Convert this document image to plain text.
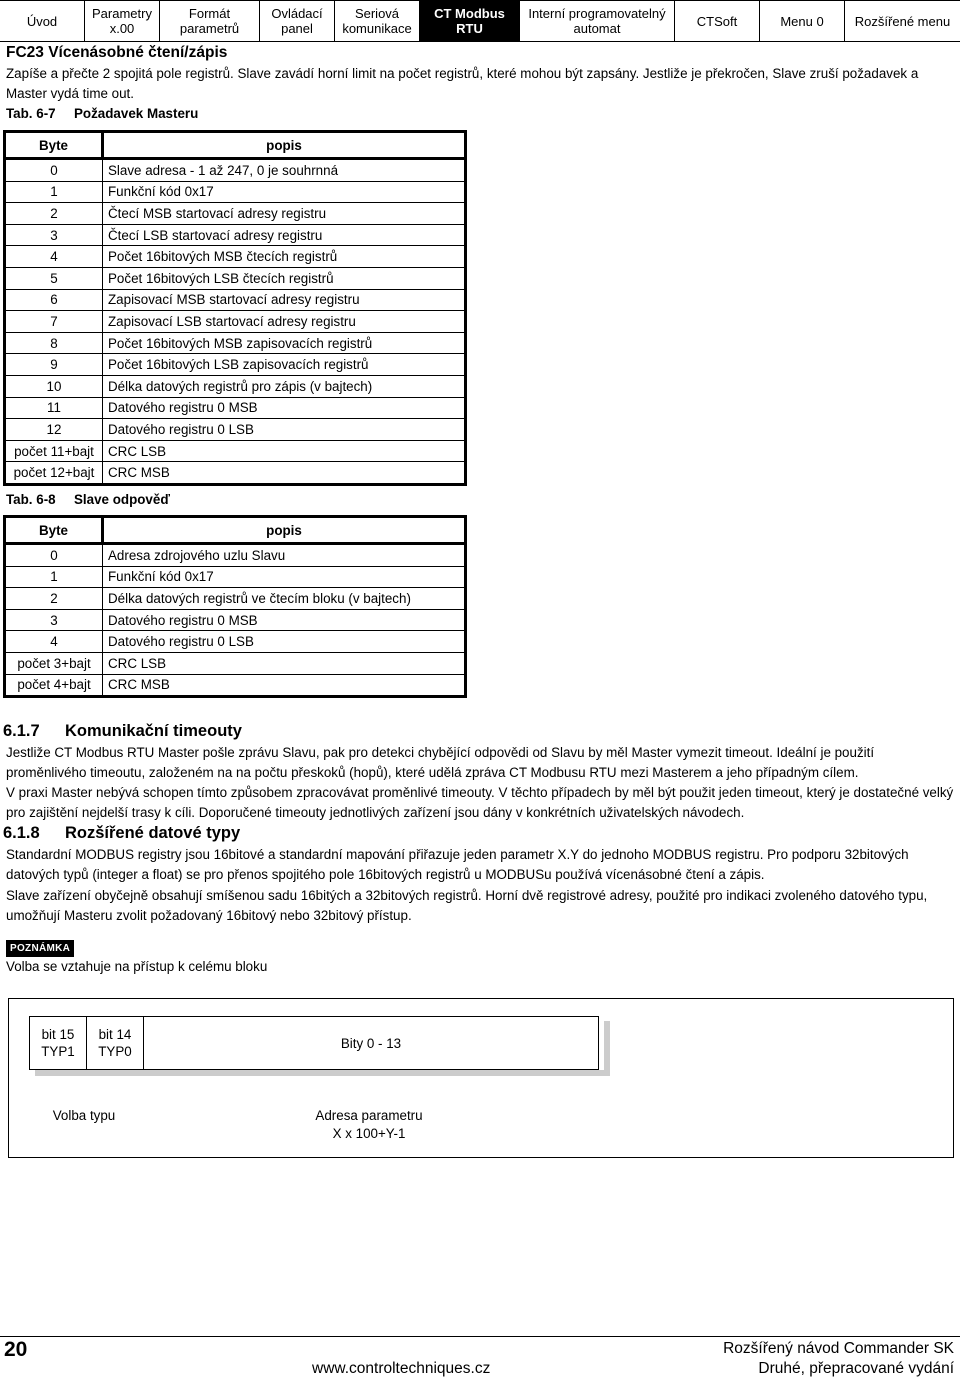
Úvod	Parametry
x.00
Formát
parametrů
Ovládací
panel
Seriová
komunikace
CT Modbus
RTU
Interní programovatelný
automat	CTSoft	Menu 0 Rozšířené menu
FC23 Vícenásobné čtení/zápis
Zapíše a přečte 2 spojitá pole registrů. Slave zavádí horní limit na počet registrů, které mohou být zapsány. Jestliže je překročen, Slave zruší požadavek a Master vydá time out.
Tab. 6-7 Požadavek Masteru
Byte	popis
0	Slave adresa - 1 až 247, 0 je souhrnná
1	Funkční kód 0x17
2	Čtecí MSB startovací adresy registru
3	Čtecí LSB startovací adresy registru
4	Počet 16bitových MSB čtecích registrů
5	Počet 16bitových LSB čtecích registrů
6	Zapisovací MSB startovací adresy registru
7	Zapisovací LSB startovací adresy registru
8	Počet 16bitových MSB zapisovacích registrů
9	Počet 16bitových LSB zapisovacích registrů
10	Délka datových registrů pro zápis (v bajtech)
11	Datového registru 0 MSB
12	Datového registru 0 LSB
počet 11+bajt	CRC LSB
počet 12+bajt	CRC MSB
Tab. 6-8 Slave odpověď
Byte	popis
0	Adresa zdrojového uzlu Slavu
1	Funkční kód 0x17
2	Délka datových registrů ve čtecím bloku (v bajtech)
3	Datového registru 0 MSB
4	Datového registru 0 LSB
počet 3+bajt	CRC LSB
počet 4+bajt	CRC MSB
6.1.7 Komunikační timeouty
Jestliže CT Modbus RTU Master pošle zprávu Slavu, pak pro detekci chybějící odpovědi od Slavu by měl Master vymezit timeout. Ideální je použití proměnlivého timeoutu, založeném na na počtu přeskoků (hopů), které udělá zpráva CT Modbusu RTU mezi Masterem a jeho případným cílem.
V praxi Master nebývá schopen tímto způsobem zpracovávat proměnlivé timeouty. V těchto případech by měl být použit jeden timeout, který je dostatečné velký pro zajištění nejdelší trasy k cíli. Doporučené timeouty jednotlivých zařízení jsou dány v konkrétních uživatelských návodech.
6.1.8 Rozšířené datové typy
Standardní MODBUS registry jsou 16bitové a standardní mapování přiřazuje jeden parametr X.Y do jednoho MODBUS registru. Pro podporu 32bitových datových typů (integer a float) se pro přenos spojitého pole 16bitových registrů u MODBUSu používá vícenásobné čtení a zápis.
Slave zařízení obyčejně obsahují smíšenou sadu 16bitých a 32bitových registrů. Horní dvě registrové adresy, použité pro indikaci zvoleného datového typu, umožňují Masteru zvolit požadovaný 16bitový nebo 32bitový přístup.
POZNÁMKA
Volba se vztahuje na přístup k celému bloku
bit 15
TYP1
bit 14
TYP0
Bity 0 - 13
Volba typu	Adresa parametru
X x 100+Y-1
20	Rozšířený návod Commander SK
www.controltechniques.cz	Druhé, přepracované vydání
